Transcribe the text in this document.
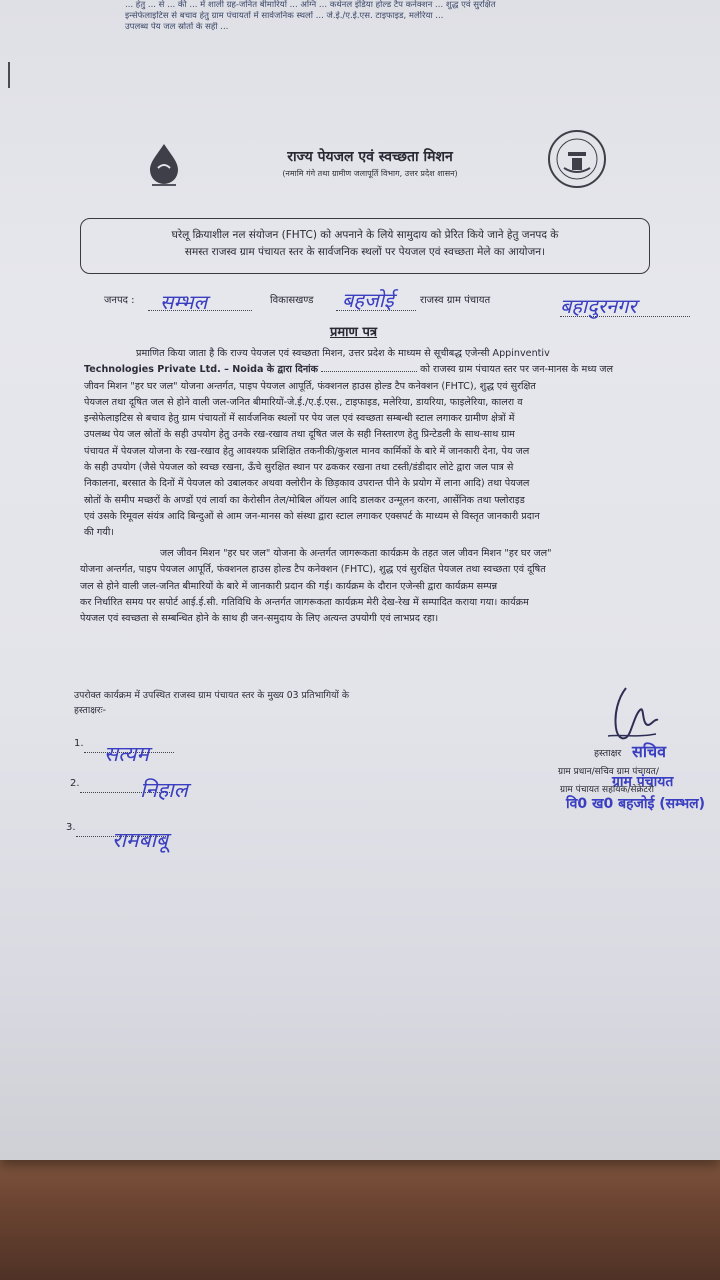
... हेतु ... से ... की ... में शाली ग्रह-जनित बीमारियों ... अग्नि ... कथेनल इंडिया होल्ड टैप कनेक्शन ... शुद्ध एवं सुरक्षित
इन्सेफेलाइटिस से बचाव हेतु ग्राम पंचायतों में सार्वजनिक स्थलों ... जे.ई./ए.ई.एस. टाइफाइड, मलेरिया ...
उपलब्ध पेय जल स्रोतों के सही ...
राज्य पेयजल एवं स्वच्छता मिशन
(नमामि गंगे तथा ग्रामीण जलापूर्ति विभाग, उत्तर प्रदेश शासन)
घरेलू क्रियाशील नल संयोजन (FHTC) को अपनाने के लिये सामुदाय को प्रेरित किये जाने हेतु जनपद के
समस्त राजस्व ग्राम पंचायत स्तर के सार्वजनिक स्थलों पर पेयजल एवं स्वच्छता मेले का आयोजन।
जनपद : सम्भल	विकासखण्ड बहजोई	राजस्व ग्राम पंचायत	बहादुरनगर
प्रमाण पत्र
प्रमाणित किया जाता है कि राज्य पेयजल एवं स्वच्छता मिशन, उत्तर प्रदेश के माध्यम से सूचीबद्ध एजेन्सी Appinventiv
Technologies Private Ltd. – Noida के द्वारा दिनांक	को राजस्व ग्राम पंचायत स्तर पर जन-मानस के मध्य जल
जीवन मिशन "हर घर जल" योजना अन्तर्गत, पाइप पेयजल आपूर्ति, फंक्शनल हाउस होल्ड टैप कनेक्शन (FHTC), शुद्ध एवं सुरक्षित
पेयजल तथा दूषित जल से होने वाली जल-जनित बीमारियों-जे.ई./ए.ई.एस., टाइफाइड, मलेरिया, डायरिया, फाइलेरिया, कालरा व
इन्सेफेलाइटिस से बचाव हेतु ग्राम पंचायतों में सार्वजनिक स्थलों पर पेय जल एवं स्वच्छता सम्बन्धी स्टाल लगाकर ग्रामीण क्षेत्रों में
उपलब्ध पेय जल स्रोतों के सही उपयोग हेतु उनके रख-रखाव तथा दूषित जल के सही निस्तारण हेतु प्रिन्टेडली के साथ-साथ ग्राम
पंचायत में पेयजल योजना के रख-रखाव हेतु आवश्यक प्रशिक्षित तकनीकी/कुशल मानव कार्मिकों के बारे में जानकारी देना, पेय जल
के सही उपयोग (जैसे पेयजल को स्वच्छ रखना, ऊँचे सुरक्षित स्थान पर ढककर रखना तथा टस्ती/डंडीदार लोटे द्वारा जल पात्र से
निकालना, बरसात के दिनों में पेयजल को उबालकर अथवा क्लोरीन के छिड़काव उपरान्त पीने के प्रयोग में लाना आदि) तथा पेयजल
स्रोतों के समीप मच्छरों के अण्डों एवं लार्वा का केरोसीन तेल/मोबिल ऑयल आदि डालकर उन्मूलन करना, आर्सेनिक तथा फ्लोराइड
एवं उसके रिमूवल संयंत्र आदि बिन्दुओं से आम जन-मानस को संस्था द्वारा स्टाल लगाकर एक्सपर्ट के माध्यम से विस्तृत जानकारी प्रदान
की गयी।
जल जीवन मिशन "हर घर जल" योजना के अन्तर्गत जागरूकता कार्यक्रम के तहत जल जीवन मिशन "हर घर जल"
योजना अन्तर्गत, पाइप पेयजल आपूर्ति, फंक्शनल हाउस होल्ड टैप कनेक्शन (FHTC), शुद्ध एवं सुरक्षित पेयजल तथा स्वच्छता एवं दूषित
जल से होने वाली जल-जनित बीमारियों के बारे में जानकारी प्रदान की गई। कार्यक्रम के दौरान एजेन्सी द्वारा कार्यक्रम सम्पन्न
कर निर्धारित समय पर सपोर्ट आई.ई.सी. गतिविधि के अन्तर्गत जागरूकता कार्यक्रम मेरी देख-रेख में सम्पादित कराया गया। कार्यक्रम
पेयजल एवं स्वच्छता से सम्बन्धित होने के साथ ही जन-समुदाय के लिए अत्यन्त उपयोगी एवं लाभप्रद रहा।
उपरोक्त कार्यक्रम में उपस्थित राजस्व ग्राम पंचायत स्तर के मुख्य 03 प्रतिभागियों के
हस्ताक्षरः-
1. सत्यम
2.	निहाल
3.
रामबाबू
हस्ताक्षर सचिव
ग्राम प्रधान/सचिव ग्राम पंचायत/
ग्राम पंचायत सहायक/सेक्रेटरी
ग्राम पंचायत
वि0 ख0 बहजोई (सम्भल)
